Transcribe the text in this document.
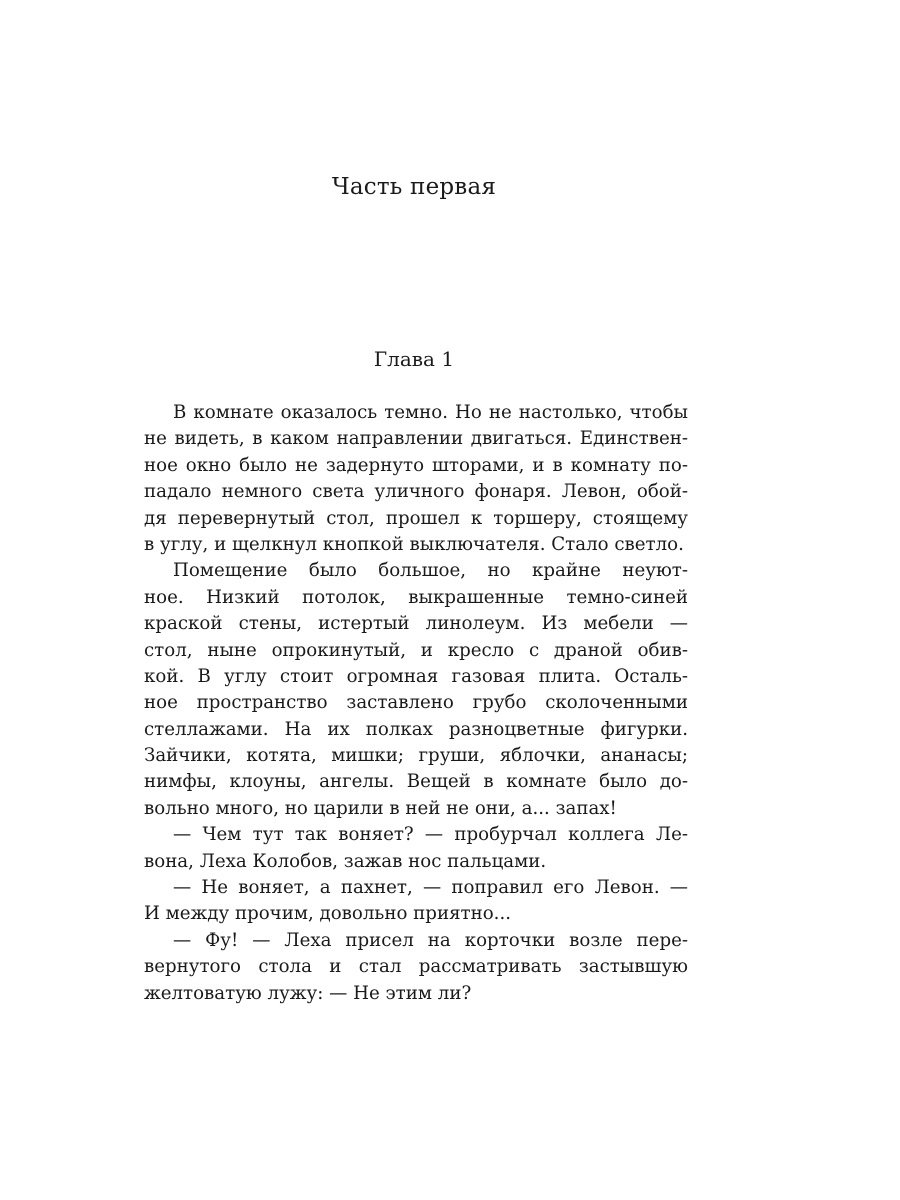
Часть первая
Глава 1
В комнате оказалось темно. Но не настолько, чтобы
не видеть, в каком направлении двигаться. Единствен-
ное окно было не задернуто шторами, и в комнату по-
падало немного света уличного фонаря. Левон, обой-
дя перевернутый стол, прошел к торшеру, стоящему
в углу, и щелкнул кнопкой выключателя. Стало светло.
Помещение было большое, но крайне неуют-
ное. Низкий потолок, выкрашенные темно-синей
краской стены, истертый линолеум. Из мебели —
стол, ныне опрокинутый, и кресло с драной обив-
кой. В углу стоит огромная газовая плита. Осталь-
ное пространство заставлено грубо сколоченными
стеллажами. На их полках разноцветные фигурки.
Зайчики, котята, мишки; груши, яблочки, ананасы;
нимфы, клоуны, ангелы. Вещей в комнате было до-
вольно много, но царили в ней не они, а... запах!
— Чем тут так воняет? — пробурчал коллега Ле-
вона, Леха Колобов, зажав нос пальцами.
— Не воняет, а пахнет, — поправил его Левон. —
И между прочим, довольно приятно...
— Фу! — Леха присел на корточки возле пере-
вернутого стола и стал рассматривать застывшую
желтоватую лужу: — Не этим ли?
